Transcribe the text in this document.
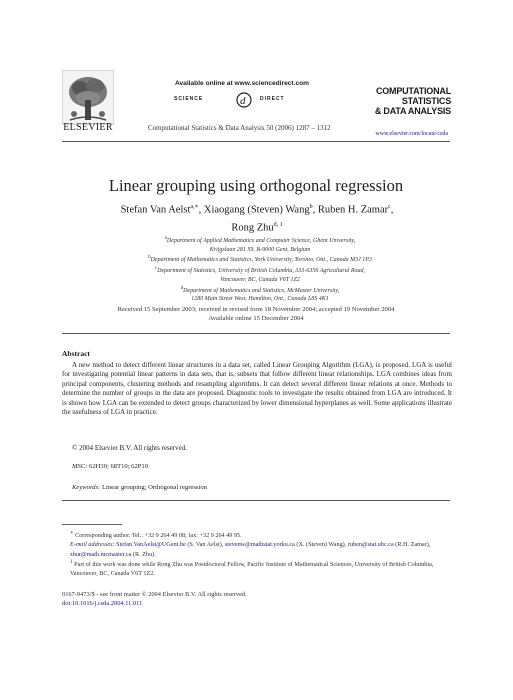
ELSEVIER
Available online at www.sciencedirect.com
SCIENCE	d	DIRECT
Computational Statistics & Data Analysis 50 (2006) 1287 – 1312
COMPUTATIONAL
STATISTICS
& DATA ANALYSIS
www.elsevier.com/locate/csda
Linear grouping using orthogonal regression
Stefan Van Aelst$^{a,∗}$, Xiaogang (Steven) Wang$^b$, Ruben H. Zamar$^c$,
Rong Zhu$^{d, 1}$
$^a$Department of Applied Mathematics and Computer Science, Ghent University,
Krijgslaan 281 S9, B-9000 Gent, Belgium
$^b$Department of Mathematics and Statistics, York University, Toronto, Ont., Canada M3J 1P3
$^c$Department of Statistics, University of British Columbia, 333-6356 Agricultural Road,
Vancouver, BC, Canada V6T 1Z2
$^d$Department of Mathematics and Statistics, McMaster University,
1280 Main Street West, Hamilton, Ont., Canada L8S 4K1
Received 15 September 2003; received in revised form 18 November 2004; accepted 19 November 2004
Available online 15 December 2004
Abstract
A new method to detect different linear structures in a data set, called Linear Grouping Algorithm (LGA), is proposed. LGA is useful for investigating potential linear patterns in data sets, that is, subsets that follow different linear relationships. LGA combines ideas from principal components, clustering methods and resampling algorithms. It can detect several different linear relations at once. Methods to determine the number of groups in the data are proposed. Diagnostic tools to investigate the results obtained from LGA are introduced. It is shown how LGA can be extended to detect groups characterized by lower dimensional hyperplanes as well. Some applications illustrate the usefulness of LGA in practice.
© 2004 Elsevier B.V. All rights reserved.
MSC: 62H30; 68T10; 62P10
Keywords: Linear grouping; Orthogonal regression
∗ Corresponding author. Tel.: +32 9 264 49 08; fax: +32 9 264 49 95.
E-mail addresses: Stefan.VanAelst@UGent.be (S. Van Aelst), stevenw@mathstat.yorku.ca (X. (Steven) Wang), ruben@stat.ubc.ca (R.H. Zamar), zhur@math.mcmaster.ca (R. Zhu).
$^1$ Part of this work was done while Rong Zhu was Postdoctoral Fellow, Pacific Institute of Mathematical Sciences, University of British Columbia, Vancouver, BC, Canada V6T 1Z2.
0167-9473/$ - see front matter © 2004 Elsevier B.V. All rights reserved.
doi:10.1016/j.csda.2004.11.011
